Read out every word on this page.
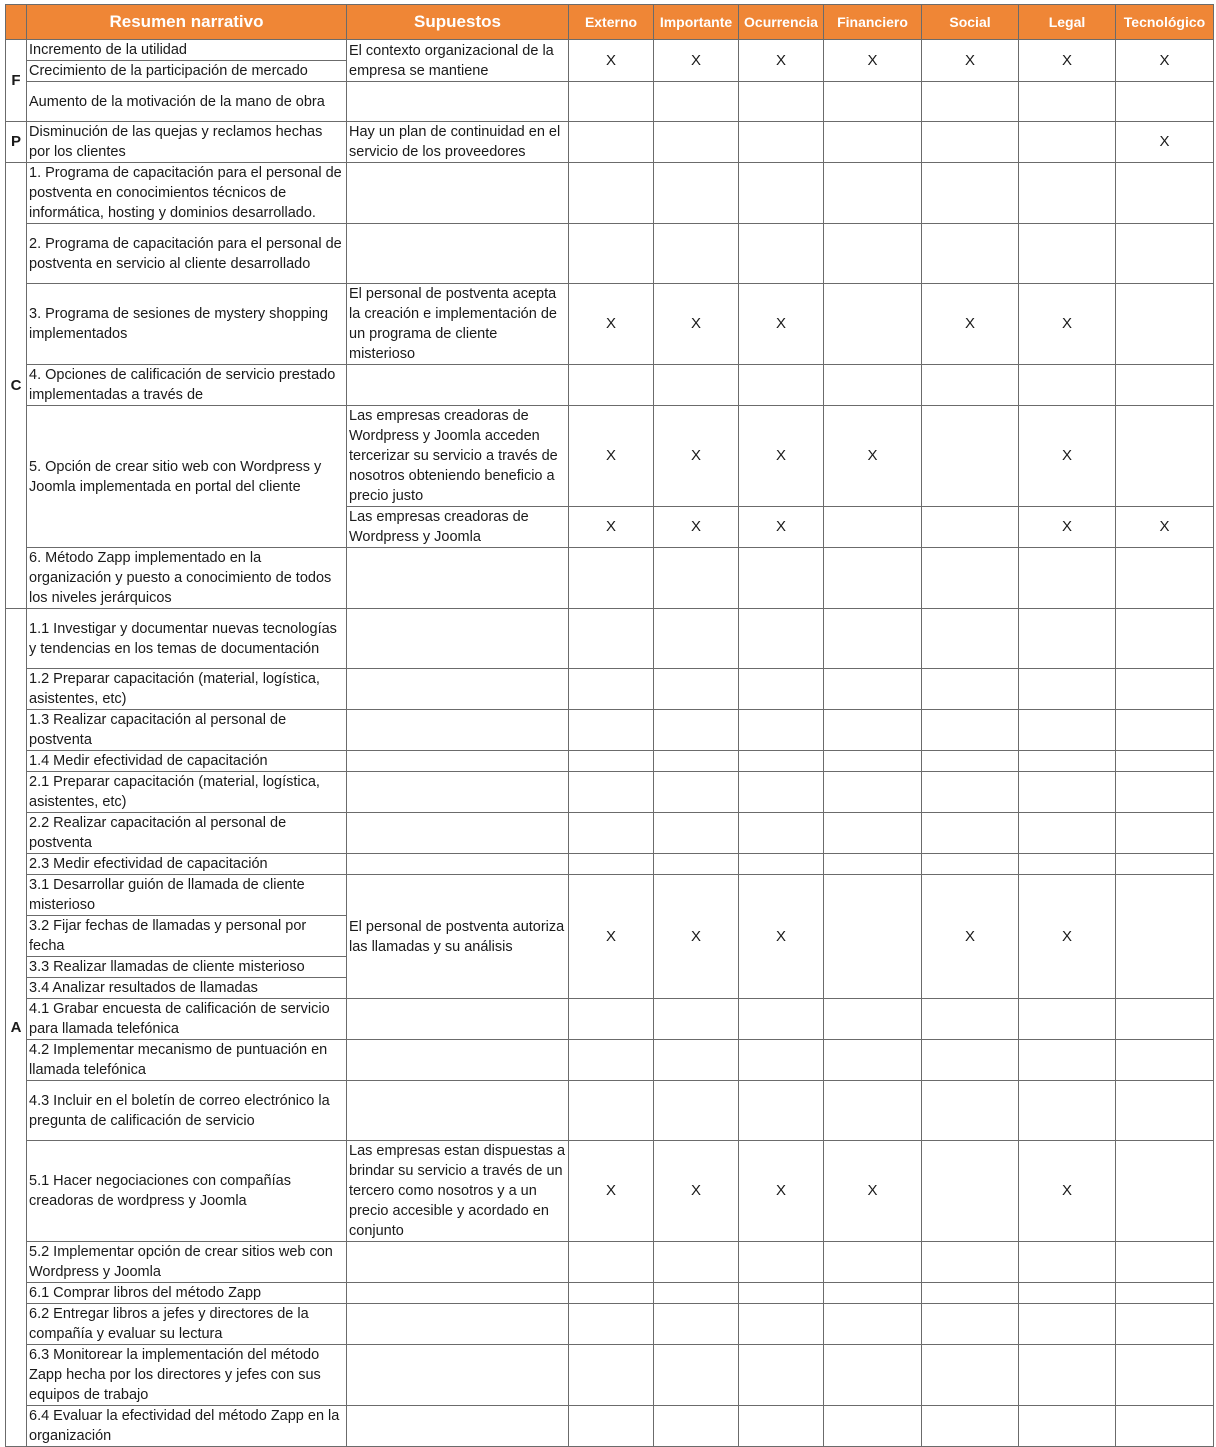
	Resumen narrativo	Supuestos	Externo	Importante	Ocurrencia	Financiero	Social	Legal	Tecnológico
F	Incremento de la utilidad	El contexto organizacional de la empresa se mantiene	X	X	X	X	X	X	X
	Crecimiento de la participación de mercado								
	Aumento de la motivación de la mano de obra								
P	Disminución de las quejas y reclamos hechas por los clientes	Hay un plan de continuidad en el servicio de los proveedores							X
C	1. Programa de capacitación para el personal de postventa en conocimientos técnicos de informática, hosting y dominios desarrollado.								
	2. Programa de capacitación para el personal de postventa en servicio al cliente desarrollado								
	3. Programa de sesiones de mystery shopping implementados	El personal de postventa acepta la creación e implementación de un programa de cliente misterioso	X	X	X		X	X	
	4. Opciones de calificación de servicio prestado implementadas a través de								
	5. Opción de crear sitio web con Wordpress y Joomla implementada en portal del cliente	Las empresas creadoras de Wordpress y Joomla acceden tercerizar su servicio a través de nosotros obteniendo beneficio a precio justo	X	X	X	X		X	
		Las empresas creadoras de Wordpress y Joomla	X	X	X			X	X
	6. Método Zapp implementado en la organización y puesto a conocimiento de todos los niveles jerárquicos								
A	1.1 Investigar y documentar nuevas tecnologías y tendencias en los temas de documentación								
	1.2 Preparar capacitación (material, logística, asistentes, etc)								
	1.3 Realizar capacitación al personal de postventa								
	1.4 Medir efectividad de capacitación								
	2.1 Preparar capacitación (material, logística, asistentes, etc)								
	2.2 Realizar capacitación al personal de postventa								
	2.3 Medir efectividad de capacitación								
	3.1 Desarrollar guión de llamada de cliente misterioso	El personal de postventa autoriza las llamadas y su análisis	X	X	X		X	X	
	3.2 Fijar fechas de llamadas y personal por fecha								
	3.3 Realizar llamadas de cliente misterioso								
	3.4 Analizar resultados de llamadas								
	4.1 Grabar encuesta de calificación de servicio para llamada telefónica								
	4.2 Implementar mecanismo de puntuación en llamada telefónica								
	4.3 Incluir en el boletín de correo electrónico la pregunta de calificación de servicio								
	5.1 Hacer negociaciones con compañías creadoras de wordpress y Joomla	Las empresas estan dispuestas a brindar su servicio a través de un tercero como nosotros y a un precio accesible y acordado en conjunto	X	X	X	X		X	
	5.2 Implementar opción de crear sitios web con Wordpress y Joomla								
	6.1 Comprar libros del método Zapp								
	6.2 Entregar libros a jefes y directores de la compañía y evaluar su lectura								
	6.3 Monitorear la implementación del método Zapp hecha por los directores y jefes con sus equipos de trabajo								
	6.4 Evaluar la efectividad del método Zapp en la organización								
